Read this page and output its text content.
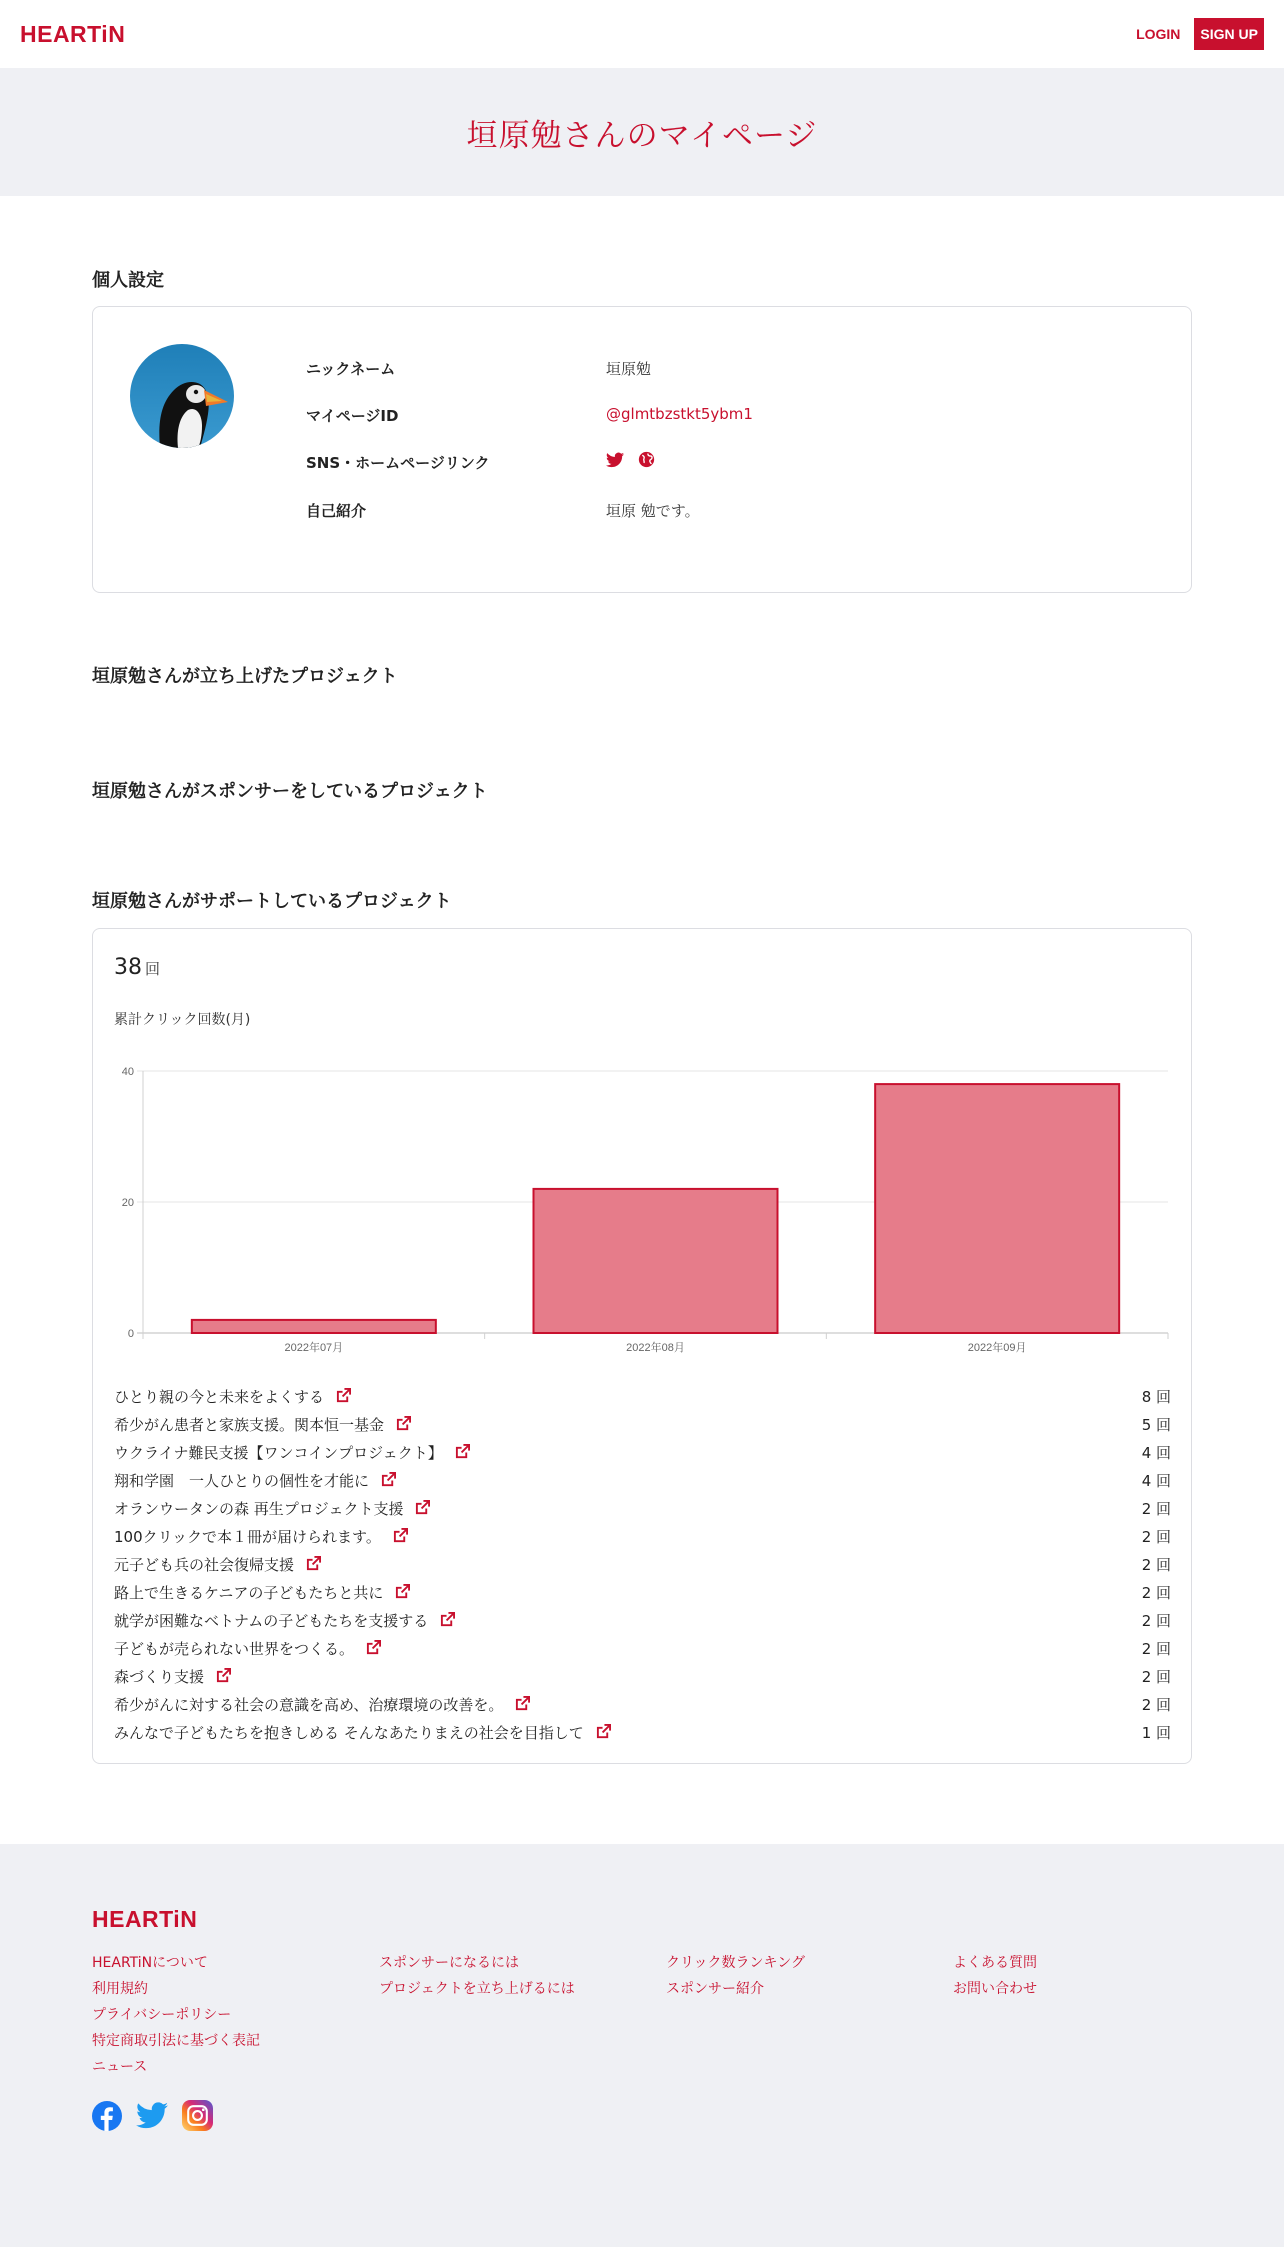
HEARTiN	LOGIN	SIGN UP
垣原勉さんのマイページ
個人設定
ニックネーム	垣原勉
マイページID	@glmtbzstkt5ybm1
SNS・ホームページリンク
自己紹介	垣原 勉です。
垣原勉さんが立ち上げたプロジェクト
垣原勉さんがスポンサーをしているプロジェクト
垣原勉さんがサポートしているプロジェクト
38 回
累計クリック回数(月)
0
20
40
2022年07月	2022年08月	2022年09月
ひとり親の今と未来をよくする	8 回
希少がん患者と家族支援。関本恒一基金	5 回
ウクライナ難民支援【ワンコインプロジェクト】	4 回
翔和学園　一人ひとりの個性を才能に	4 回
オランウータンの森 再生プロジェクト支援	2 回
100クリックで本１冊が届けられます。	2 回
元子ども兵の社会復帰支援	2 回
路上で生きるケニアの子どもたちと共に	2 回
就学が困難なベトナムの子どもたちを支援する	2 回
子どもが売られない世界をつくる。	2 回
森づくり支援	2 回
希少がんに対する社会の意識を高め、治療環境の改善を。	2 回
みんなで子どもたちを抱きしめる そんなあたりまえの社会を目指して	1 回
HEARTiN
HEARTiNについて
利用規約
プライバシーポリシー
特定商取引法に基づく表記
ニュース
スポンサーになるには
プロジェクトを立ち上げるには
クリック数ランキング
スポンサー紹介
よくある質問
お問い合わせ
